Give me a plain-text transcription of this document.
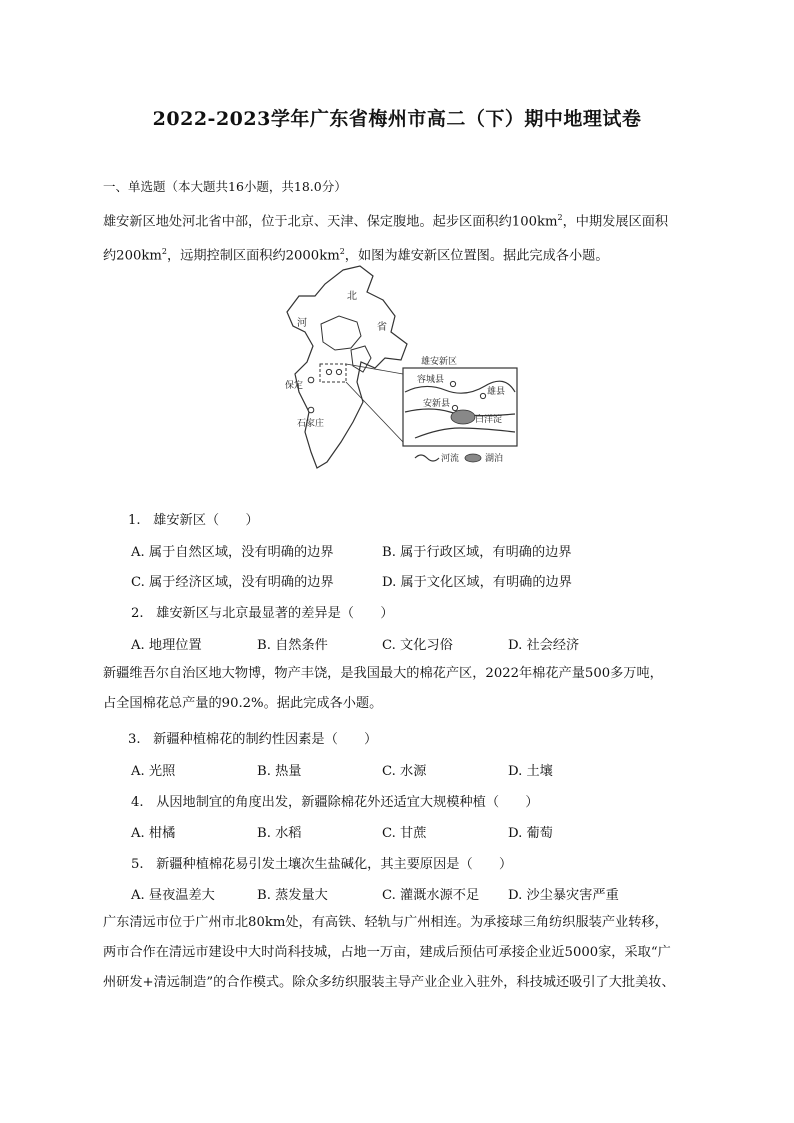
2022-2023学年广东省梅州市高二（下）期中地理试卷
一、单选题（本大题共16小题，共18.0分）
雄安新区地处河北省中部，位于北京、天津、保定腹地。起步区面积约$100km^2$，中期发展区面积
约$200km^2$，远期控制区面积约$2000km^2$，如图为雄安新区位置图。据此完成各小题。
北
河	省
保定
石家庄
雄安新区
容城县
雄县
安新县
白洋淀
河流	湖泊
1. 雄安新区（　　）
A. 属于自然区域，没有明确的边界	B. 属于行政区域，有明确的边界
C. 属于经济区域，没有明确的边界	D. 属于文化区域，有明确的边界
2. 雄安新区与北京最显著的差异是（　　）
A. 地理位置	B. 自然条件	C. 文化习俗	D. 社会经济
新疆维吾尔自治区地大物博，物产丰饶，是我国最大的棉花产区，2022年棉花产量500多万吨，
占全国棉花总产量的90.2%。据此完成各小题。
3. 新疆种植棉花的制约性因素是（　　）
A. 光照	B. 热量	C. 水源	D. 土壤
4. 从因地制宜的角度出发，新疆除棉花外还适宜大规模种植（　　）
A. 柑橘	B. 水稻	C. 甘蔗	D. 葡萄
5. 新疆种植棉花易引发土壤次生盐碱化，其主要原因是（　　）
A. 昼夜温差大	B. 蒸发量大	C. 灌溉水源不足 D. 沙尘暴灾害严重
广东清远市位于广州市北80km处，有高铁、轻轨与广州相连。为承接球三角纺织服装产业转移，
两市合作在清远市建设中大时尚科技城，占地一万亩，建成后预估可承接企业近5000家，采取“广
州研发+清远制造”的合作模式。除众多纺织服装主导产业企业入驻外，科技城还吸引了大批美妆、
